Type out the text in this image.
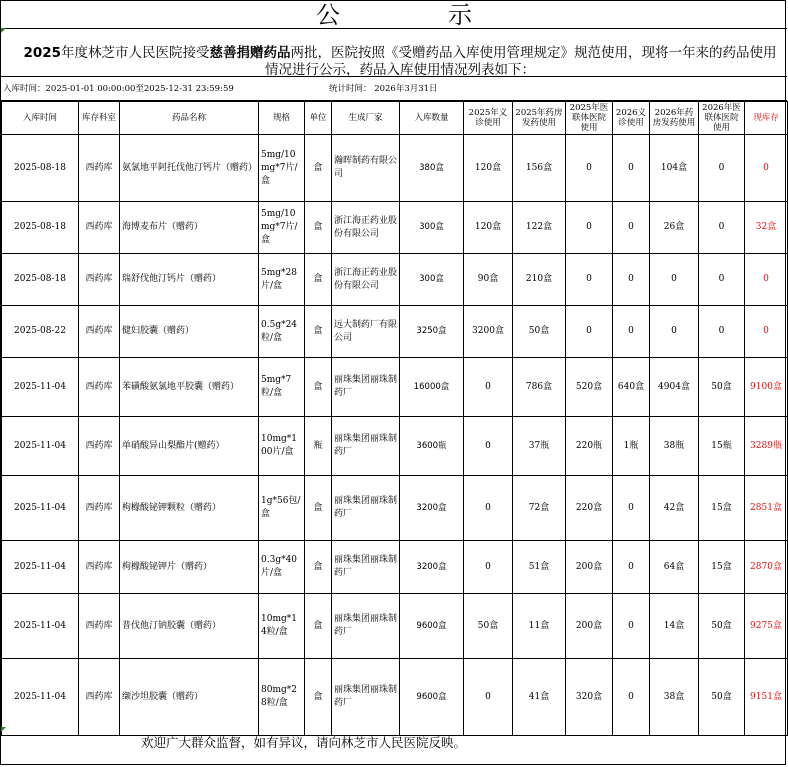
公　示
2025年度林芝市人民医院接受慈善捐赠药品两批，医院按照《受赠药品入库使用管理规定》规范使用，现将一年来的药品使用情况进行公示，药品入库使用情况列表如下：
入库时间：2025-01-01 00:00:00至2025-12-31 23:59:59	统计时间： 2026年3月31日
入库时间	库存科室	药品名称	规格	单位	生成厂家	入库数量	2025年义诊使用	2025年药房发药使用	2025年医联体医院使用	2026义诊使用	2026年药房发药使用	2026年医联体医院使用	现库存
2025-08-18	西药库	氨氯地平阿托伐他汀钙片（赠药）	5mg/10mg*7片/盒	盒	瀚晖制药有限公司	380盒	120盒	156盒	0	0	104盒	0	0
2025-08-18	西药库	海博麦布片（赠药）	5mg/10mg*7片/盒	盒	浙江海正药业股份有限公司	300盒	120盒	122盒	0	0	26盒	0	32盒
2025-08-18	西药库	瑞舒伐他汀钙片（赠药）	5mg*28片/盒	盒	浙江海正药业股份有限公司	300盒	90盒	210盒	0	0	0	0	0
2025-08-22	西药库	健妇胶囊（赠药）	0.5g*24粒/盒	盒	远大制药厂有限公司	3250盒	3200盒	50盒	0	0	0	0	0
2025-11-04	西药库	苯磺酸氨氯地平胶囊（赠药）	5mg*7粒/盒	盒	丽珠集团丽珠制药厂	16000盒	0	786盒	520盒	640盒	4904盒	50盒	9100盒
2025-11-04	西药库	单硝酸异山梨酯片(赠药）	10mg*100片/盒	瓶	丽珠集团丽珠制药厂	3600瓶	0	37瓶	220瓶	1瓶	38瓶	15瓶	3289瓶
2025-11-04	西药库	枸橼酸铋钾颗粒（赠药）	1g*56包/盒	盒	丽珠集团丽珠制药厂	3200盒	0	72盒	220盒	0	42盒	15盒	2851盒
2025-11-04	西药库	枸橼酸铋钾片（赠药）	0.3g*40片/盒	盒	丽珠集团丽珠制药厂	3200盒	0	51盒	200盒	0	64盒	15盒	2870盒
2025-11-04	西药库	普伐他汀钠胶囊（赠药）	10mg*14粒/盒	盒	丽珠集团丽珠制药厂	9600盒	50盒	11盒	200盒	0	14盒	50盒	9275盒
2025-11-04	西药库	缬沙坦胶囊（赠药）	80mg*28粒/盒	盒	丽珠集团丽珠制药厂	9600盒	0	41盒	320盒	0	38盒	50盒	9151盒
欢迎广大群众监督，如有异议，请向林芝市人民医院反映。
